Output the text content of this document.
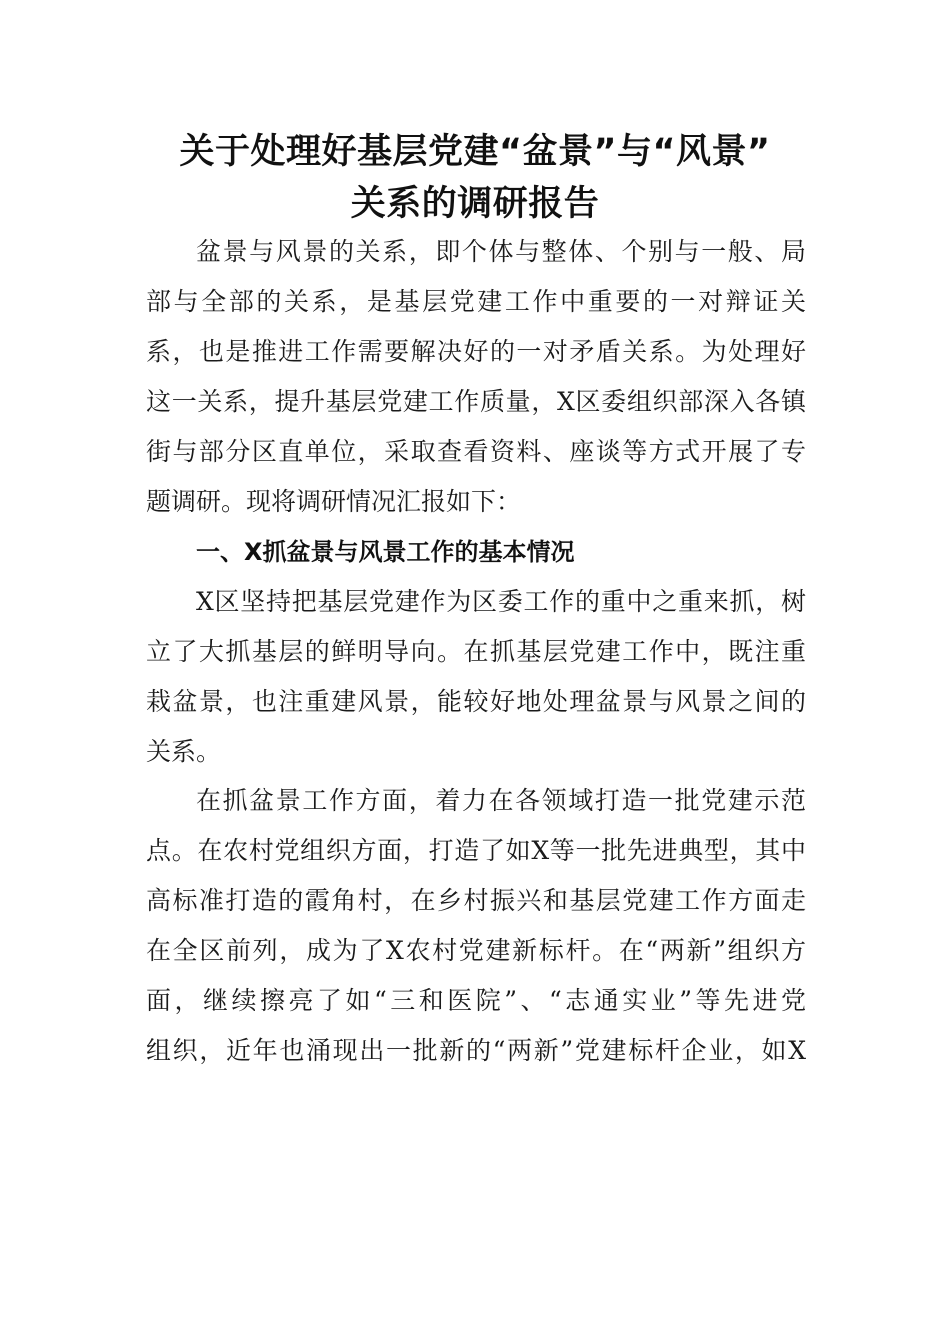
关于处理好基层党建“盆景”与“风景”
关系的调研报告
盆景与风景的关系，即个体与整体、个别与一般、局
部与全部的关系，是基层党建工作中重要的一对辩证关
系，也是推进工作需要解决好的一对矛盾关系。为处理好
这一关系，提升基层党建工作质量，X区委组织部深入各镇
街与部分区直单位，采取查看资料、座谈等方式开展了专
题调研。现将调研情况汇报如下：
一、X抓盆景与风景工作的基本情况
X区坚持把基层党建作为区委工作的重中之重来抓，树
立了大抓基层的鲜明导向。在抓基层党建工作中，既注重
栽盆景，也注重建风景，能较好地处理盆景与风景之间的
关系。
在抓盆景工作方面，着力在各领域打造一批党建示范
点。在农村党组织方面，打造了如X等一批先进典型，其中
高标准打造的霞角村，在乡村振兴和基层党建工作方面走
在全区前列，成为了X农村党建新标杆。在“两新”组织方
面，继续擦亮了如“三和医院”、“志通实业”等先进党
组织，近年也涌现出一批新的“两新”党建标杆企业，如X
